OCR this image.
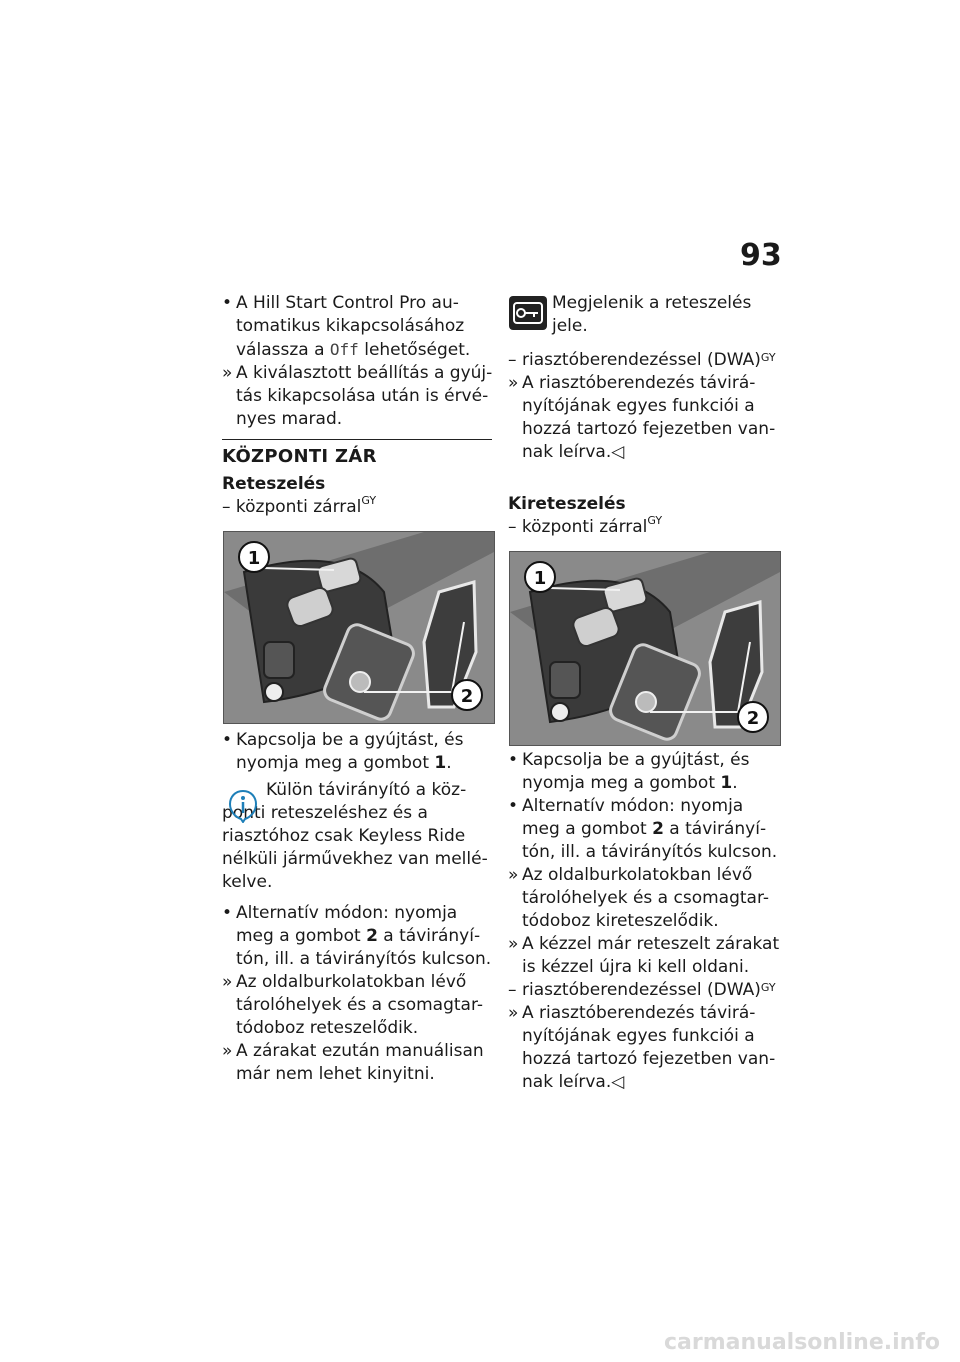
93

• A Hill Start Control Pro au-tomatikus kikapcsolásához válassza a Off lehetőséget.

» A kiválasztott beállítás a gyúj-tás kikapcsolása után is érvé-nyes marad.

KÖZPONTI ZÁR
Reteszelés
– központi zárral$^{GY}$
1
2

• Kapcsolja be a gyújtást, és nyomja meg a gombot 1.

Külön távirányító a köz-ponti reteszeléshez és a riasztóhoz csak Keyless Ride nélküli járművekhez van mellé-kelve.

• Alternatív módon: nyomja meg a gombot 2 a távirányí-tón, ill. a távirányítós kulcson.

» Az oldalburkolatokban lévő tárolóhelyek és a csomagtar-tódoboz reteszelődik.

» A zárakat ezután manuálisan már nem lehet kinyitni.

Megjelenik a reteszelés jele.

– riasztóberendezéssel (DWA)$^{GY}$

» A riasztóberendezés távirá-nyítójának egyes funkciói a hozzá tartozó fejezetben van-nak leírva.◁

Kireteszelés
– központi zárral$^{GY}$
1
2

• Kapcsolja be a gyújtást, és nyomja meg a gombot 1.

• Alternatív módon: nyomja meg a gombot 2 a távirányí-tón, ill. a távirányítós kulcson.

» Az oldalburkolatokban lévő tárolóhelyek és a csomagtar-tódoboz kireteszelődik.

» A kézzel már reteszelt zárakat is kézzel újra ki kell oldani.

– riasztóberendezéssel (DWA)$^{GY}$

» A riasztóberendezés távirá-nyítójának egyes funkciói a hozzá tartozó fejezetben van-nak leírva.◁

carmanualsonline.info
